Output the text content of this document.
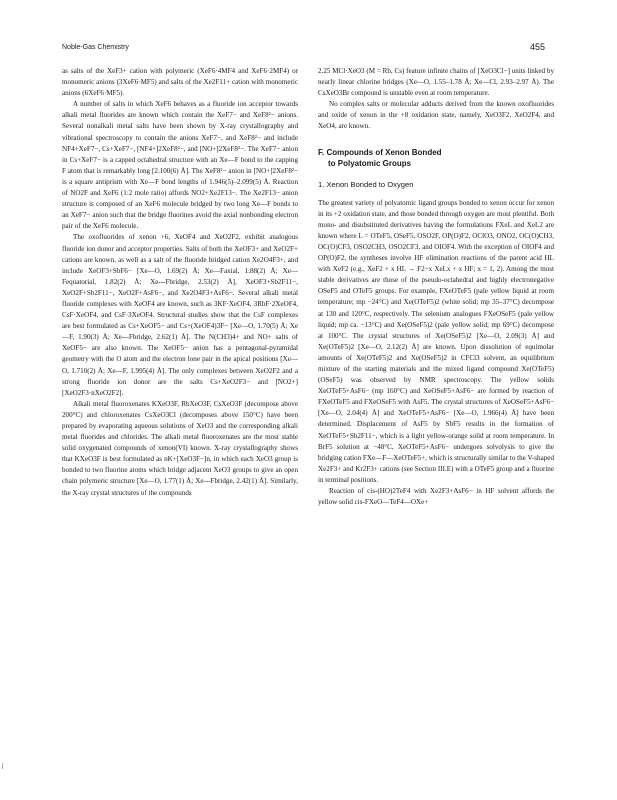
Noble-Gas Chemistry	455

as salts of the XeF3+ cation with polymeric (XeF6·4MF4 and XeF6·2MF4) or monomeric anions (3XeF6·MF5) and salts of the Xe2F11+ cation with monomeric anions (6XeF6·MF5).

A number of salts in which XeF6 behaves as a fluoride ion acceptor towards alkali metal fluorides are known which contain the XeF7− and XeF8²− anions. Several nonalkali metal salts have been shown by X-ray crystallography and vibrational spectroscopy to contain the anions XeF7−, and XeF8²− and include NF4+XeF7−, Cs+XeF7−, [NF4+]2XeF8²−, and [NO+]2XeF8²−. The XeF7− anion in Cs+XeF7− is a capped octahedral structure with an Xe—F bond to the capping F atom that is remarkably long [2.100(6) Å]. The XeF8²− anion in [NO+]2XeF8²− is a square antiprism with Xe—F bond lengths of 1.946(5)–2.099(5) Å. Reaction of NO2F and XeF6 (1:2 mole ratio) affords NO2+Xe2F13−. The Xe2F13− anion structure is composed of an XeF6 molecule bridged by two long Xe—F bonds to an XeF7− anion such that the bridge fluorines avoid the axial nonbonding electron pair of the XeF6 molecule.

The oxofluorides of xenon +6, XeOF4 and XeO2F2, exhibit analogous fluoride ion donor and acceptor properties. Salts of both the XeOF3+ and XeO2F+ cations are known, as well as a salt of the fluoride bridged cation Xe2O4F3+, and include XeOF3+SbF6− [Xe—O, 1.69(2) Å; Xe—Faxial, 1.88(2) Å; Xe—Fequatorial, 1.82(2) Å; Xe---Fbridge, 2.53(2) Å], XeOF3+Sb2F11−, XeO2F+Sb2F11−, XeO2F+AsF6−, and Xe2O4F3+AsF6−. Several alkali metal fluoride complexes with XeOF4 are known, such as 3KF·XeOF4, 3RbF·2XeOF4, CsF·XeOF4, and CsF·3XeOF4. Structural studies show that the CsF complexes are best formulated as Cs+XeOF5− and Cs+(XeOF4)3F− [Xe—O, 1.70(5) Å; Xe—F, 1.90(3) Å; Xe---Fbridge, 2.62(1) Å]. The N(CH3)4+ and NO+ salts of XeOF5− are also known. The XeOF5− anion has a pentagonal-pyramidal geometry with the O atom and the electron lone pair in the apical positions [Xe—O, 1.710(2) Å; Xe—F, 1.995(4) Å]. The only complexes between XeO2F2 and a strong fluoride ion donor are the salts Cs+XeO2F3− and [NO2+][XeO2F3·nXeO2F2].

Alkali metal fluoroxenates KXeO3F, RbXeO3F, CsXeO3F (decompose above 200°C) and chloroxenates CsXeO3Cl (decomposes above 150°C) have been prepared by evaporating aqueous solutions of XeO3 and the corresponding alkali metal fluorides and chlorides. The alkali metal fluoroxenates are the most stable solid oxygenated compounds of xenon(VI) known. X-ray crystallography shows that KXeO3F is best formulated as nK+[XeO3F−]n, in which each XeO3 group is bonded to two fluorine atoms which bridge adjacent XeO3 groups to give an open chain polymeric structure [Xe—O, 1.77(1) Å; Xe---Fbridge, 2.42(1) Å]. Similarly, the X-ray crystal structures of the compounds

2.25 MCl·XeO3 (M = Rb, Cs) feature infinite chains of [XeO3Cl−] units linked by nearly linear chlorine bridges (Xe—O, 1.55–1.78 Å; Xe—Cl, 2.93–2.97 Å). The CsXeO3Br compound is unstable even at room temperature.

No complex salts or molecular adducts derived from the known oxofluorides and oxide of xenon in the +8 oxidation state, namely, XeO3F2, XeO2F4, and XeO4, are known.

F. Compounds of Xenon Bonded
to Polyatomic Groups
1. Xenon Bonded to Oxygen

The greatest variety of polyatomic ligand groups bonded to xenon occur for xenon in its +2 oxidation state, and those bonded through oxygen are most plentiful. Both mono- and disubstituted derivatives having the formulations FXeL and XeL2 are known where L = OTeF5, OSeF5, OSO2F, OP(O)F2, OClO3, ONO2, OC(O)CH3, OC(O)CF3, OSO2CH3, OSO2CF3, and OIOF4. With the exception of OIOF4 and OP(O)F2, the syntheses involve HF elimination reactions of the parent acid HL with XeF2 (e.g., XeF2 + x HL → F2−x XeLx + x HF; x = 1, 2). Among the most stable derivatives are those of the pseudo-octahedral and highly electronegative OSeF5 and OTeF5 groups. For example, FXeOTeF5 (pale yellow liquid at room temperature; mp −24°C) and Xe(OTeF5)2 (white solid; mp 35–37°C) decompose at 130 and 120°C, respectively. The selenium analogues FXeOSeF5 (pale yellow liquid; mp ca. −13°C) and Xe(OSeF5)2 (pale yellow solid; mp 69°C) decompose at 100°C. The crystal structures of Xe(OSeF5)2 [Xe—O, 2.09(3) Å] and Xe(OTeF5)2 [Xe—O, 2.12(2) Å] are known. Upon dissolution of equimolar amounts of Xe(OTeF5)2 and Xe(OSeF5)2 in CFCl3 solvent, an equilibrium mixture of the starting materials and the mixed ligand compound Xe(OTeF5)(OSeF5) was observed by NMR spectroscopy. The yellow solids XeOTeF5+AsF6− (mp 160°C) and XeOSeF5+AsF6− are formed by reaction of FXeOTeF5 and FXeOSeF5 with AsF5. The crystal structures of XeOSeF5+AsF6− [Xe—O, 2.04(4) Å] and XeOTeF5+AsF6− [Xe—O, 1.966(4) Å] have been determined. Displacement of AsF5 by SbF5 results in the formation of XeOTeF5+Sb2F11−, which is a light yellow-orange solid at room temperature. In BrF5 solution at −48°C, XeOTeF5+AsF6− undergoes solvolysis to give the bridging cation FXe—F—XeOTeF5+, which is structurally similar to the V-shaped Xe2F3+ and Kr2F3+ cations (see Section III.E) with a OTeF5 group and a fluorine in terminal positions.

Reaction of cis-(HO)2TeF4 with Xe2F3+AsF6− in HF solvent affords the yellow solid cis-FXeO—TeF4—OXe+
